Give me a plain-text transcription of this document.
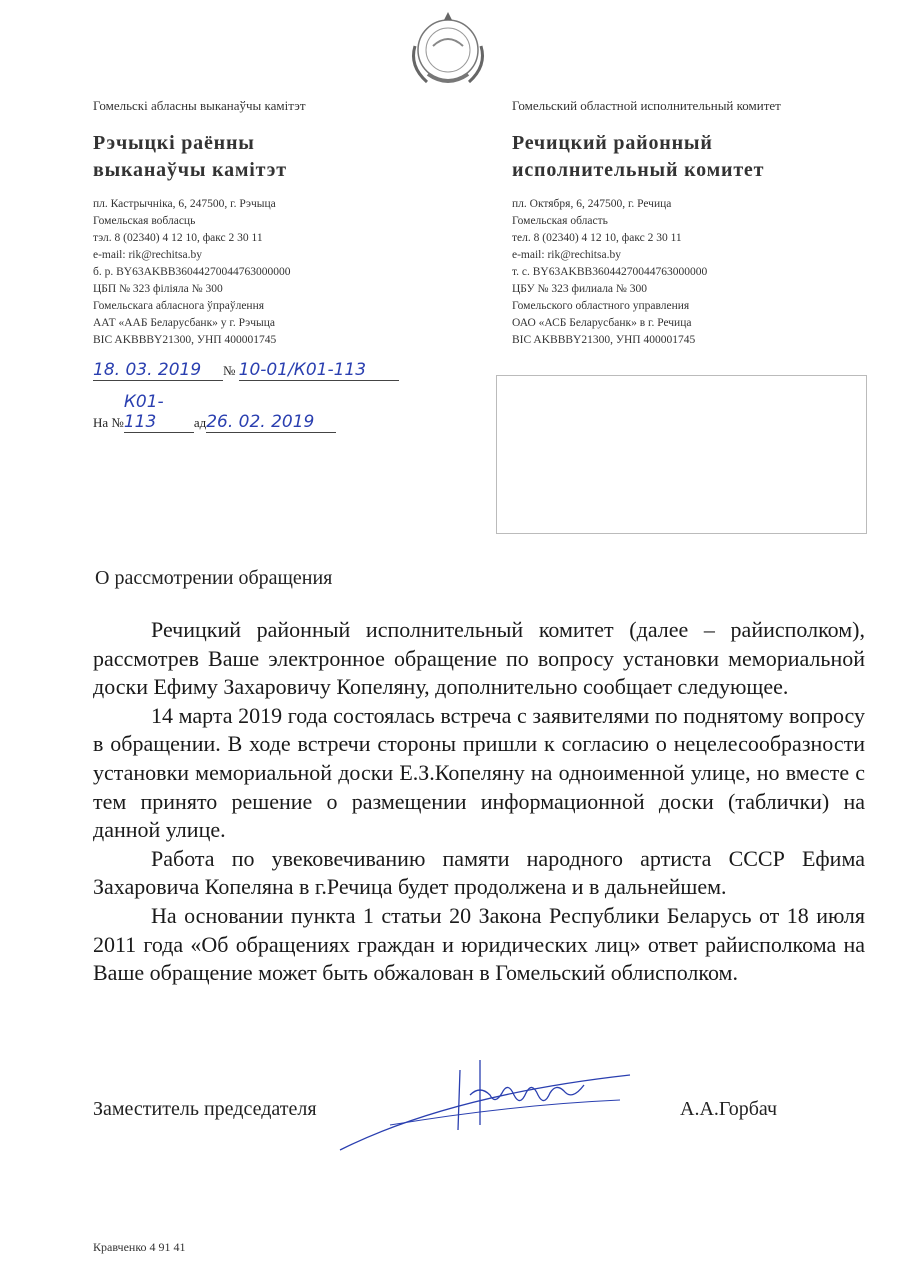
Гомельскі абласны выканаўчы камітэт
Рэчыцкі раённы
выканаўчы камітэт
пл. Кастрычніка, 6, 247500, г. Рэчыца
Гомельская вобласць
тэл. 8 (02340) 4 12 10, факс 2 30 11
e-mail: rik@rechitsa.by
б. р. BY63AKBB36044270044763000000
ЦБП № 323 філіяла № 300
Гомельскага абласнога ўпраўлення
ААТ «ААБ Беларусбанк» у г. Рэчыца
BIC AKBBBY21300, УНП 400001745
18. 03. 2019 № 10-01/К01-113
На №К01-113	ад26. 02. 2019
Гомельский областной исполнительный комитет
Речицкий районный
исполнительный комитет
пл. Октября, 6, 247500, г. Речица
Гомельская область
тел. 8 (02340) 4 12 10, факс 2 30 11
e-mail: rik@rechitsa.by
т. с. BY63AKBB36044270044763000000
ЦБУ № 323 филиала № 300
Гомельского областного управления
ОАО «АСБ Беларусбанк» в г. Речица
BIC AKBBBY21300, УНП 400001745
О рассмотрении обращения

Речицкий районный исполнительный комитет (далее – райисполком), рассмотрев Ваше электронное обращение по вопросу установки мемориальной доски Ефиму Захаровичу Копеляну, дополнительно сообщает следующее.

14 марта 2019 года состоялась встреча с заявителями по поднятому вопросу в обращении. В ходе встречи стороны пришли к согласию о нецелесообразности установки мемориальной доски Е.З.Копеляну на одноименной улице, но вместе с тем принято решение о размещении информационной доски (таблички) на данной улице.

Работа по увековечиванию памяти народного артиста СССР Ефима Захаровича Копеляна в г.Речица будет продолжена и в дальнейшем.

На основании пункта 1 статьи 20 Закона Республики Беларусь от 18 июля 2011 года «Об обращениях граждан и юридических лиц» ответ райисполкома на Ваше обращение может быть обжалован в Гомельский облисполком.

Заместитель председателя	А.А.Горбач
Кравченко 4 91 41
